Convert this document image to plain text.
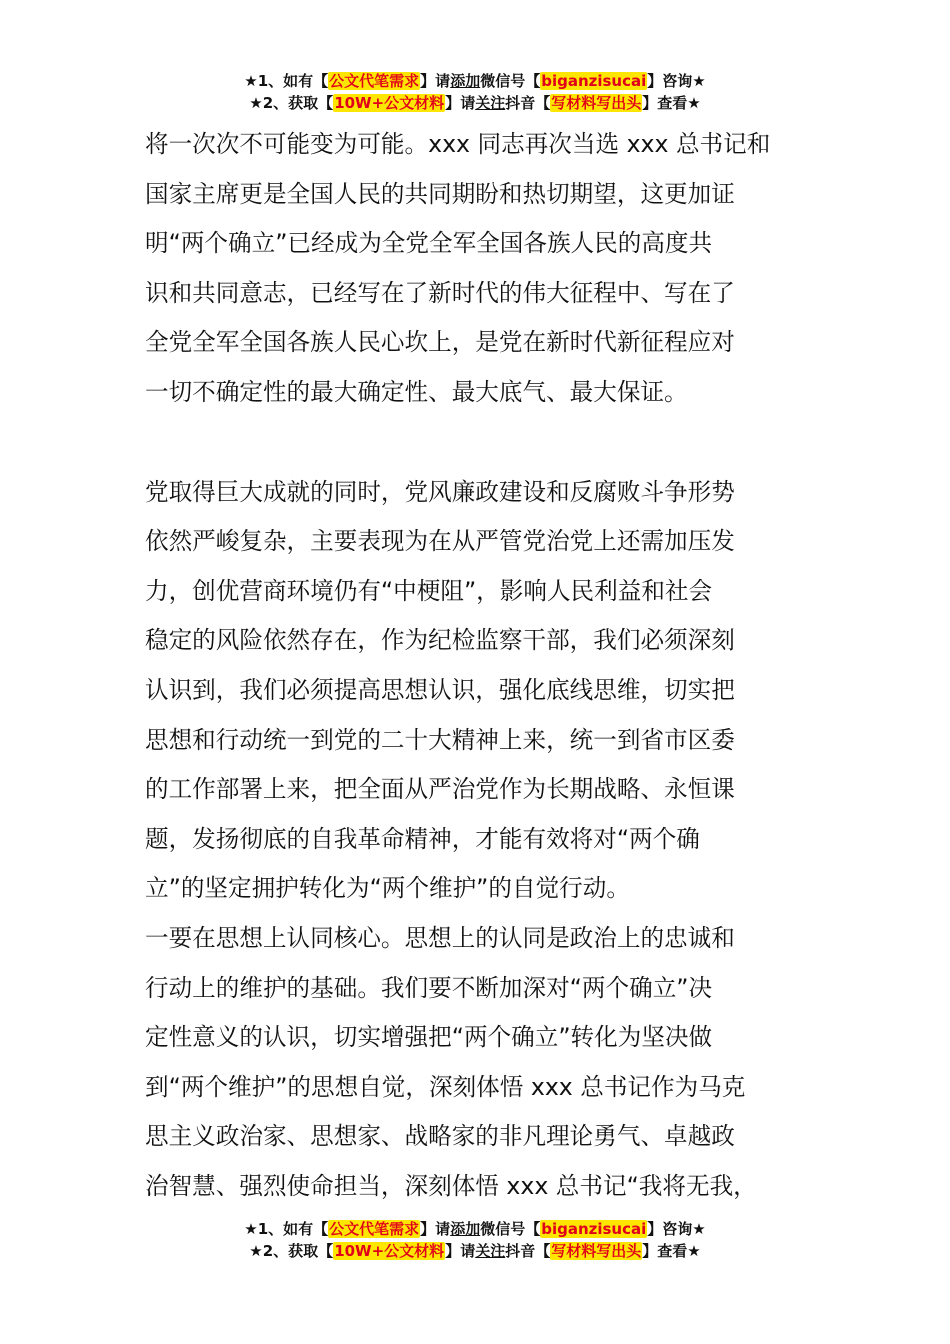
★1、如有【公文代笔需求】请添加微信号【biganzisucai】咨询★
★2、获取【10W+公文材料】请关注抖音【写材料写出头】查看★
将一次次不可能变为可能。xxx 同志再次当选 xxx 总书记和
国家主席更是全国人民的共同期盼和热切期望，这更加证
明“两个确立”已经成为全党全军全国各族人民的高度共
识和共同意志，已经写在了新时代的伟大征程中、写在了
全党全军全国各族人民心坎上，是党在新时代新征程应对
一切不确定性的最大确定性、最大底气、最大保证。
党取得巨大成就的同时，党风廉政建设和反腐败斗争形势
依然严峻复杂，主要表现为在从严管党治党上还需加压发
力，创优营商环境仍有“中梗阻”，影响人民利益和社会
稳定的风险依然存在，作为纪检监察干部，我们必须深刻
认识到，我们必须提高思想认识，强化底线思维，切实把
思想和行动统一到党的二十大精神上来，统一到省市区委
的工作部署上来，把全面从严治党作为长期战略、永恒课
题，发扬彻底的自我革命精神，才能有效将对“两个确
立”的坚定拥护转化为“两个维护”的自觉行动。
一要在思想上认同核心。思想上的认同是政治上的忠诚和
行动上的维护的基础。我们要不断加深对“两个确立”决
定性意义的认识，切实增强把“两个确立”转化为坚决做
到“两个维护”的思想自觉，深刻体悟 xxx 总书记作为马克
思主义政治家、思想家、战略家的非凡理论勇气、卓越政
治智慧、强烈使命担当，深刻体悟 xxx 总书记“我将无我，
★1、如有【公文代笔需求】请添加微信号【biganzisucai】咨询★
★2、获取【10W+公文材料】请关注抖音【写材料写出头】查看★
